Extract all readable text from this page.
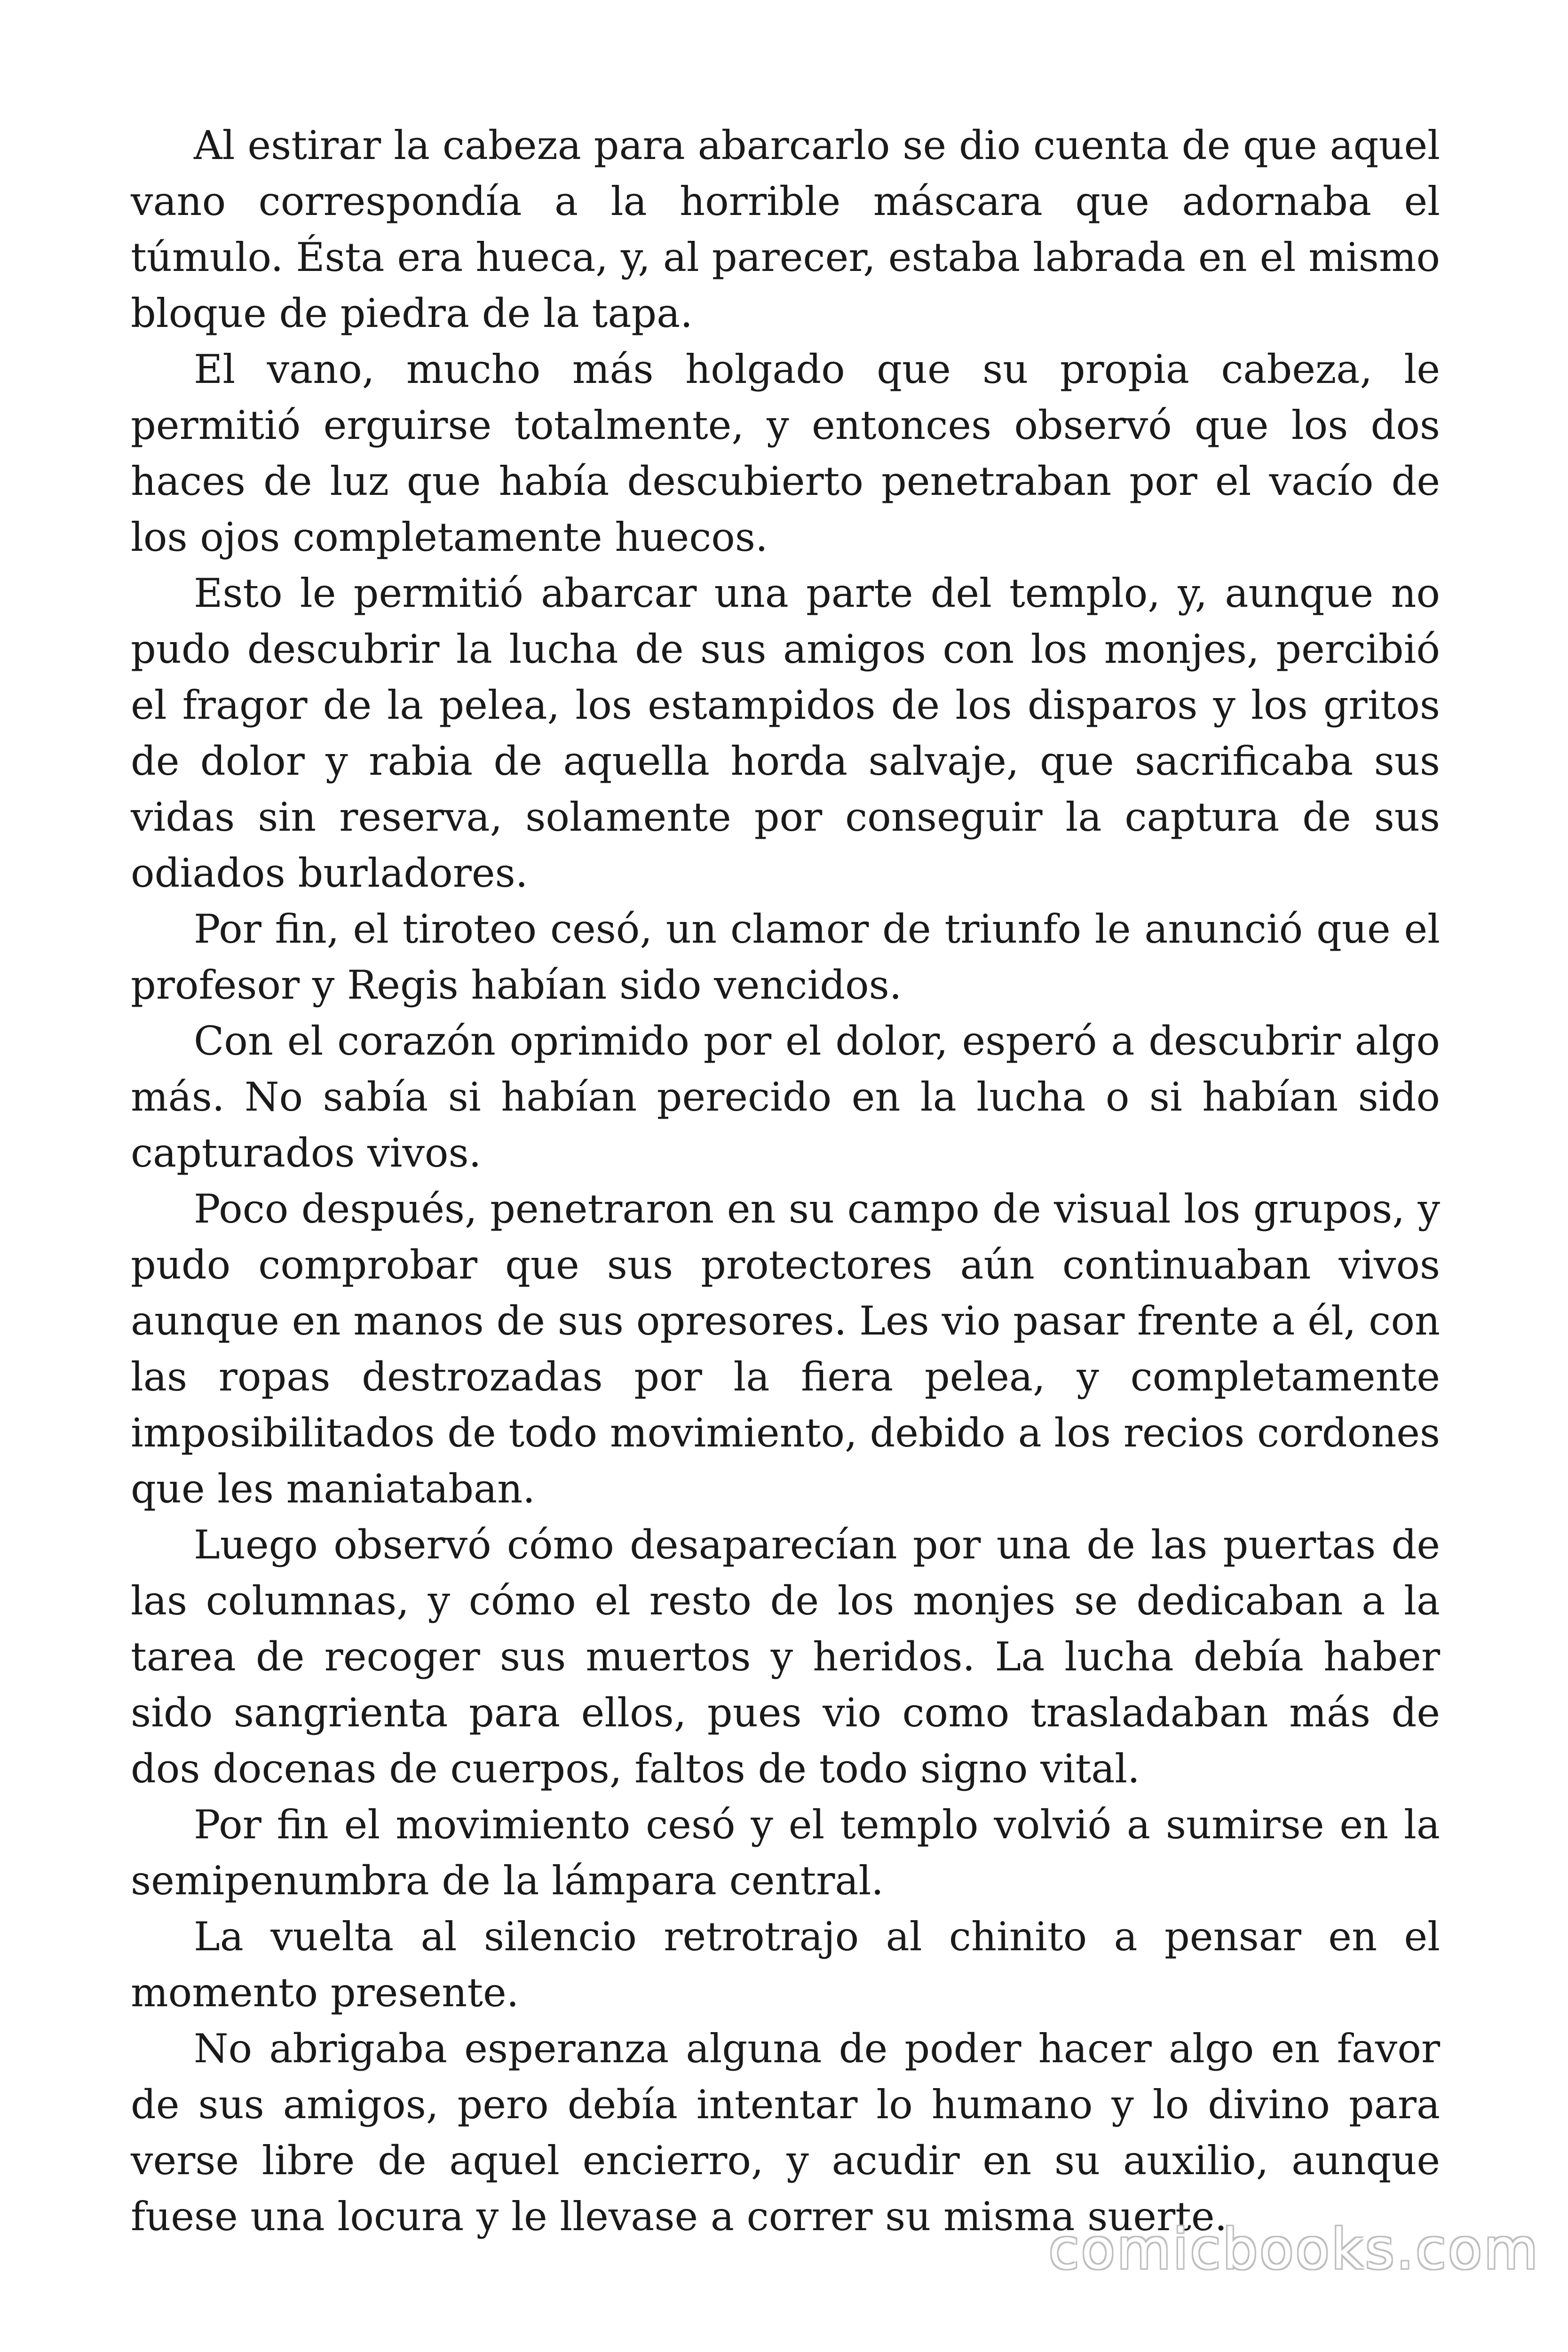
Al estirar la cabeza para abarcarlo se dio cuenta de que aquel vano correspondía a la horrible máscara que adornaba el túmulo. Ésta era hueca, y, al parecer, estaba labrada en el mismo bloque de piedra de la tapa.

El vano, mucho más holgado que su propia cabeza, le permitió erguirse totalmente, y entonces observó que los dos haces de luz que había descubierto penetraban por el vacío de los ojos completamente huecos.

Esto le permitió abarcar una parte del templo, y, aunque no pudo descubrir la lucha de sus amigos con los monjes, percibió el fragor de la pelea, los estampidos de los disparos y los gritos de dolor y rabia de aquella horda salvaje, que sacrificaba sus vidas sin reserva, solamente por conseguir la captura de sus odiados burladores.

Por fin, el tiroteo cesó, un clamor de triunfo le anunció que el profesor y Regis habían sido vencidos.

Con el corazón oprimido por el dolor, esperó a descubrir algo más. No sabía si habían perecido en la lucha o si habían sido capturados vivos.

Poco después, penetraron en su campo de visual los grupos, y pudo comprobar que sus protectores aún continuaban vivos aunque en manos de sus opresores. Les vio pasar frente a él, con las ropas destrozadas por la fiera pelea, y completamente imposibilitados de todo movimiento, debido a los recios cordones que les maniataban.

Luego observó cómo desaparecían por una de las puertas de las columnas, y cómo el resto de los monjes se dedicaban a la tarea de recoger sus muertos y heridos. La lucha debía haber sido sangrienta para ellos, pues vio como trasladaban más de dos docenas de cuerpos, faltos de todo signo vital.

Por fin el movimiento cesó y el templo volvió a sumirse en la semipenumbra de la lámpara central.

La vuelta al silencio retrotrajo al chinito a pensar en el momento presente.

No abrigaba esperanza alguna de poder hacer algo en favor de sus amigos, pero debía intentar lo humano y lo divino para verse libre de aquel encierro, y acudir en su auxilio, aunque fuese una locura y le llevase a correr su misma suerte.

comicbooks.com
